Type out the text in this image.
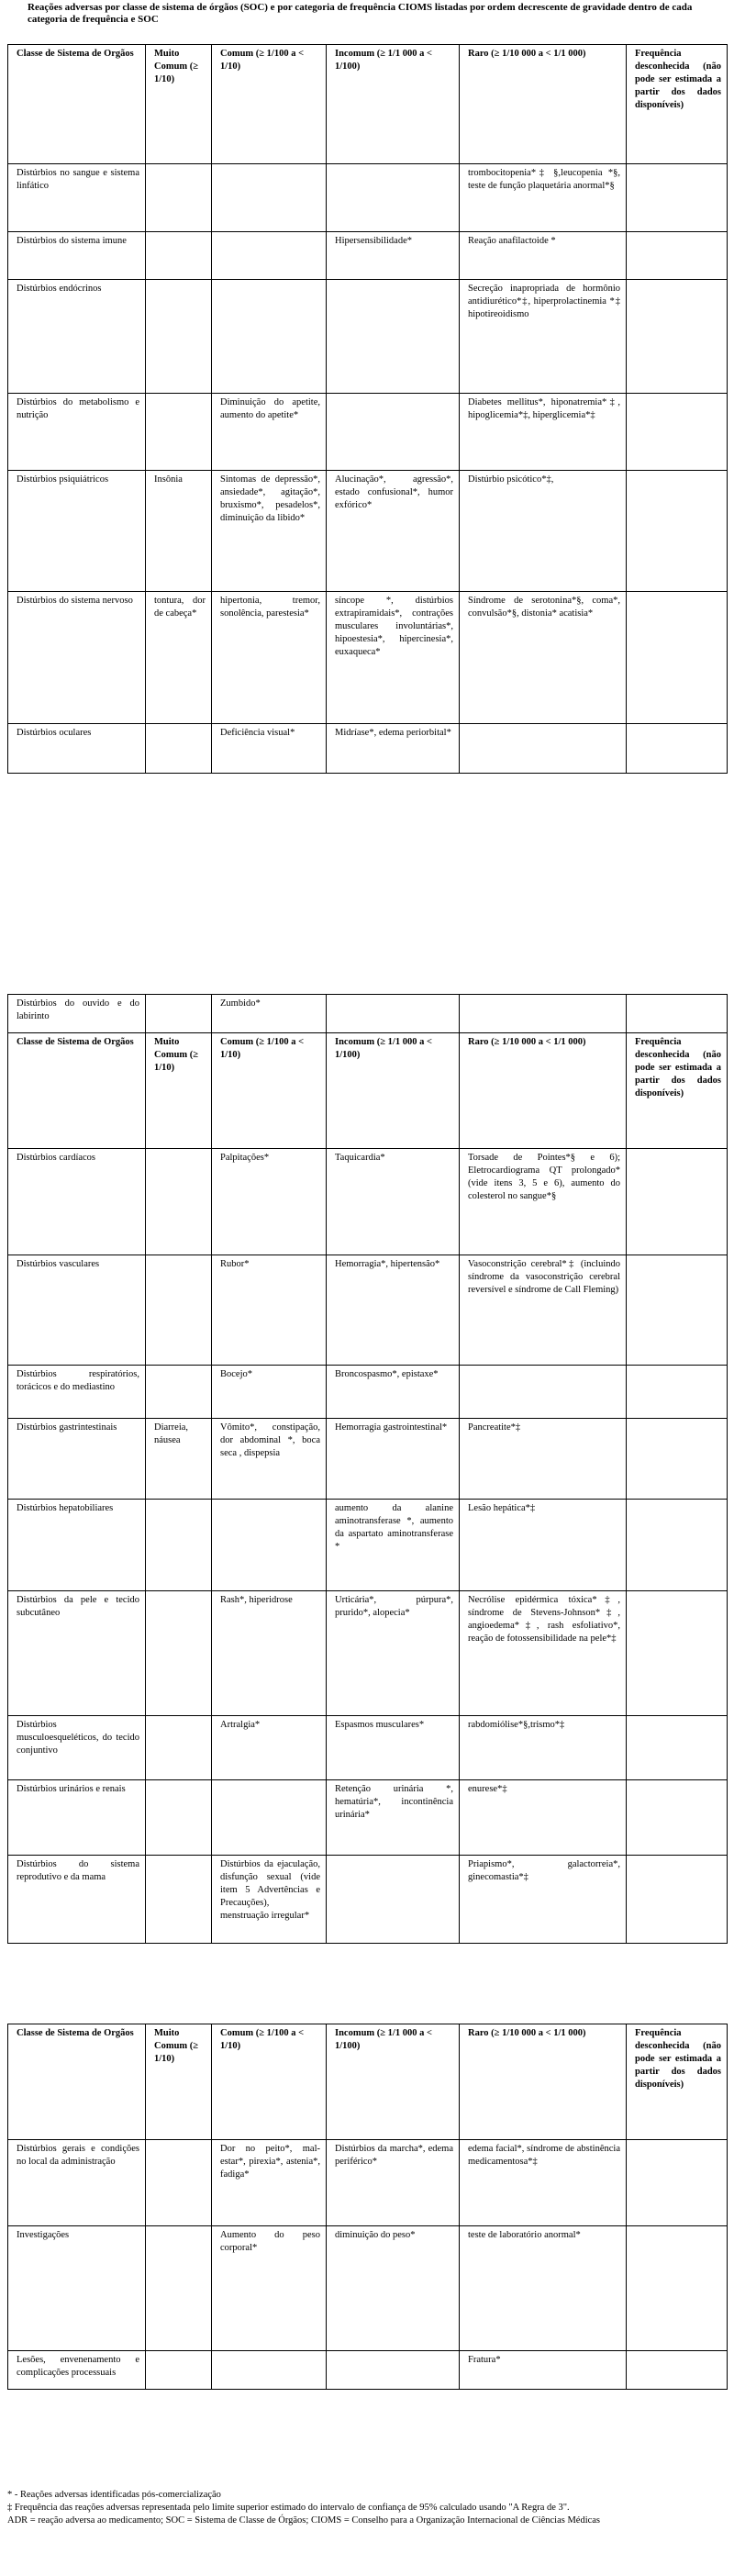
Reações adversas por classe de sistema de órgãos (SOC) e por categoria de frequência CIOMS listadas por ordem decrescente de gravidade dentro de cada categoria de frequência e SOC
Classe de Sistema de Orgãos	Muito Comum (≥ 1/10)	Comum (≥ 1/100 a < 1/10)	Incomum (≥ 1/1 000 a < 1/100)	Raro (≥ 1/10 000 a < 1/1 000)	Frequência desconhecida (não pode ser estimada a partir dos dados disponíveis)
Distúrbios no sangue e sistema linfático				trombocitopenia*‡ §,leucopenia *§, teste de função plaquetária anormal*§	
Distúrbios do sistema imune			Hipersensibilidade*	Reação anafilactoide *	
Distúrbios endócrinos				Secreção inapropriada de hormônio antidiurético*‡, hiperprolactinemia *‡ hipotireoidismo	
Distúrbios do metabolismo e nutrição		Diminuição do apetite, aumento do apetite*		Diabetes mellitus*, hiponatremia*‡, hipoglicemia*‡, hiperglicemia*‡	
Distúrbios psiquiátricos	Insônia	Sintomas de depressão*, ansiedade*, agitação*, bruxismo*, pesadelos*, diminuição da libido*	Alucinação*, agressão*, estado confusional*, humor exfórico*	Distúrbio psicótico*‡,	
Distúrbios do sistema nervoso	tontura, dor de cabeça*	hipertonia, tremor, sonolência, parestesia*	síncope *, distúrbios extrapiramidais*, contrações musculares involuntárias*, hipoestesia*, hipercinesia*, euxaqueca*	Síndrome de serotonina*§, coma*, convulsão*§, distonia* acatisia*	
Distúrbios oculares		Deficiência visual*	Midríase*, edema periorbital*		
Distúrbios do ouvido e do labirinto		Zumbido*			
Classe de Sistema de Orgãos	Muito Comum (≥ 1/10)	Comum (≥ 1/100 a < 1/10)	Incomum (≥ 1/1 000 a < 1/100)	Raro (≥ 1/10 000 a < 1/1 000)	Frequência desconhecida (não pode ser estimada a partir dos dados disponíveis)
Distúrbios cardíacos		Palpitações*	Taquicardia*	Torsade de Pointes*§ e 6); Eletrocardiograma QT prolongado* (vide itens 3, 5 e 6), aumento do colesterol no sangue*§	
Distúrbios vasculares		Rubor*	Hemorragia*, hipertensão*	Vasoconstrição cerebral*‡ (incluindo síndrome da vasoconstrição cerebral reversível e síndrome de Call Fleming)	
Distúrbios respiratórios, torácicos e do mediastino		Bocejo*	Broncospasmo*, epistaxe*		
Distúrbios gastrintestinais	Diarreia, náusea	Vômito*, constipação, dor abdominal *, boca seca , dispepsia	Hemorragia gastrointestinal*	Pancreatite*‡	
Distúrbios hepatobiliares			aumento da alanine aminotransferase *, aumento da aspartato aminotransferase *	Lesão hepática*‡	
Distúrbios da pele e tecido subcutâneo		Rash*, hiperidrose	Urticária*, púrpura*, prurido*, alopecia*	Necrólise epidérmica tóxica*‡, síndrome de Stevens-Johnson*‡, angioedema*‡, rash esfoliativo*, reação de fotossensibilidade na pele*‡	
Distúrbios musculoesqueléticos, do tecido conjuntivo		Artralgia*	Espasmos musculares*	rabdomiólise*§,trismo*‡	
Distúrbios urinários e renais			Retenção urinária *, hematúria*, incontinência urinária*	enurese*‡	
Distúrbios do sistema reprodutivo e da mama		Distúrbios da ejaculação, disfunção sexual (vide item 5 Advertências e Precauções), menstruação irregular*		Priapismo*, galactorreia*, ginecomastia*‡	
Classe de Sistema de Orgãos	Muito Comum (≥ 1/10)	Comum (≥ 1/100 a < 1/10)	Incomum (≥ 1/1 000 a < 1/100)	Raro (≥ 1/10 000 a < 1/1 000)	Frequência desconhecida (não pode ser estimada a partir dos dados disponíveis)
Distúrbios gerais e condições no local da administração		Dor no peito*, mal-estar*, pirexia*, astenia*, fadiga*	Distúrbios da marcha*, edema periférico*	edema facial*, síndrome de abstinência medicamentosa*‡	
Investigações		Aumento do peso corporal*	diminuição do peso*	teste de laboratório anormal*	
Lesões, envenenamento e complicações processuais				Fratura*	
* - Reações adversas identificadas pós-comercialização
‡ Frequência das reações adversas representada pelo limite superior estimado do intervalo de confiança de 95% calculado usando "A Regra de 3".
ADR = reação adversa ao medicamento; SOC = Sistema de Classe de Órgãos; CIOMS = Conselho para a Organização Internacional de Ciências Médicas
